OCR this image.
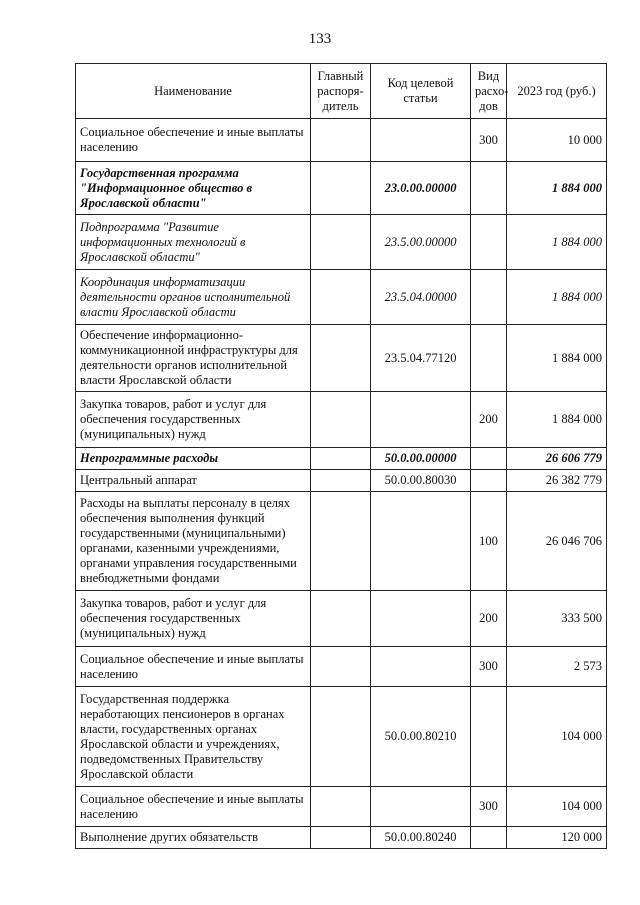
133
Наименование	Главный распоря-дитель	Код целевой статьи	Вид расхо-дов	2023 год (руб.)
Социальное обеспечение и иные выплаты населению			300	10 000
Государственная программа "Информационное общество в Ярославской области"		23.0.00.00000		1 884 000
Подпрограмма "Развитие информационных технологий в Ярославской области"		23.5.00.00000		1 884 000
Координация информатизации деятельности органов исполнительной власти Ярославской области		23.5.04.00000		1 884 000
Обеспечение информационно-коммуникационной инфраструктуры для деятельности органов исполнительной власти Ярославской области		23.5.04.77120		1 884 000
Закупка товаров, работ и услуг для обеспечения государственных (муниципальных) нужд			200	1 884 000
Непрограммные расходы		50.0.00.00000		26 606 779
Центральный аппарат		50.0.00.80030		26 382 779
Расходы на выплаты персоналу в целях обеспечения выполнения функций государственными (муниципальными) органами, казенными учреждениями, органами управления государственными внебюджетными фондами			100	26 046 706
Закупка товаров, работ и услуг для обеспечения государственных (муниципальных) нужд			200	333 500
Социальное обеспечение и иные выплаты населению			300	2 573
Государственная поддержка неработающих пенсионеров в органах власти, государственных органах Ярославской области и учреждениях, подведомственных Правительству Ярославской области		50.0.00.80210		104 000
Социальное обеспечение и иные выплаты населению			300	104 000
Выполнение других обязательств		50.0.00.80240		120 000
